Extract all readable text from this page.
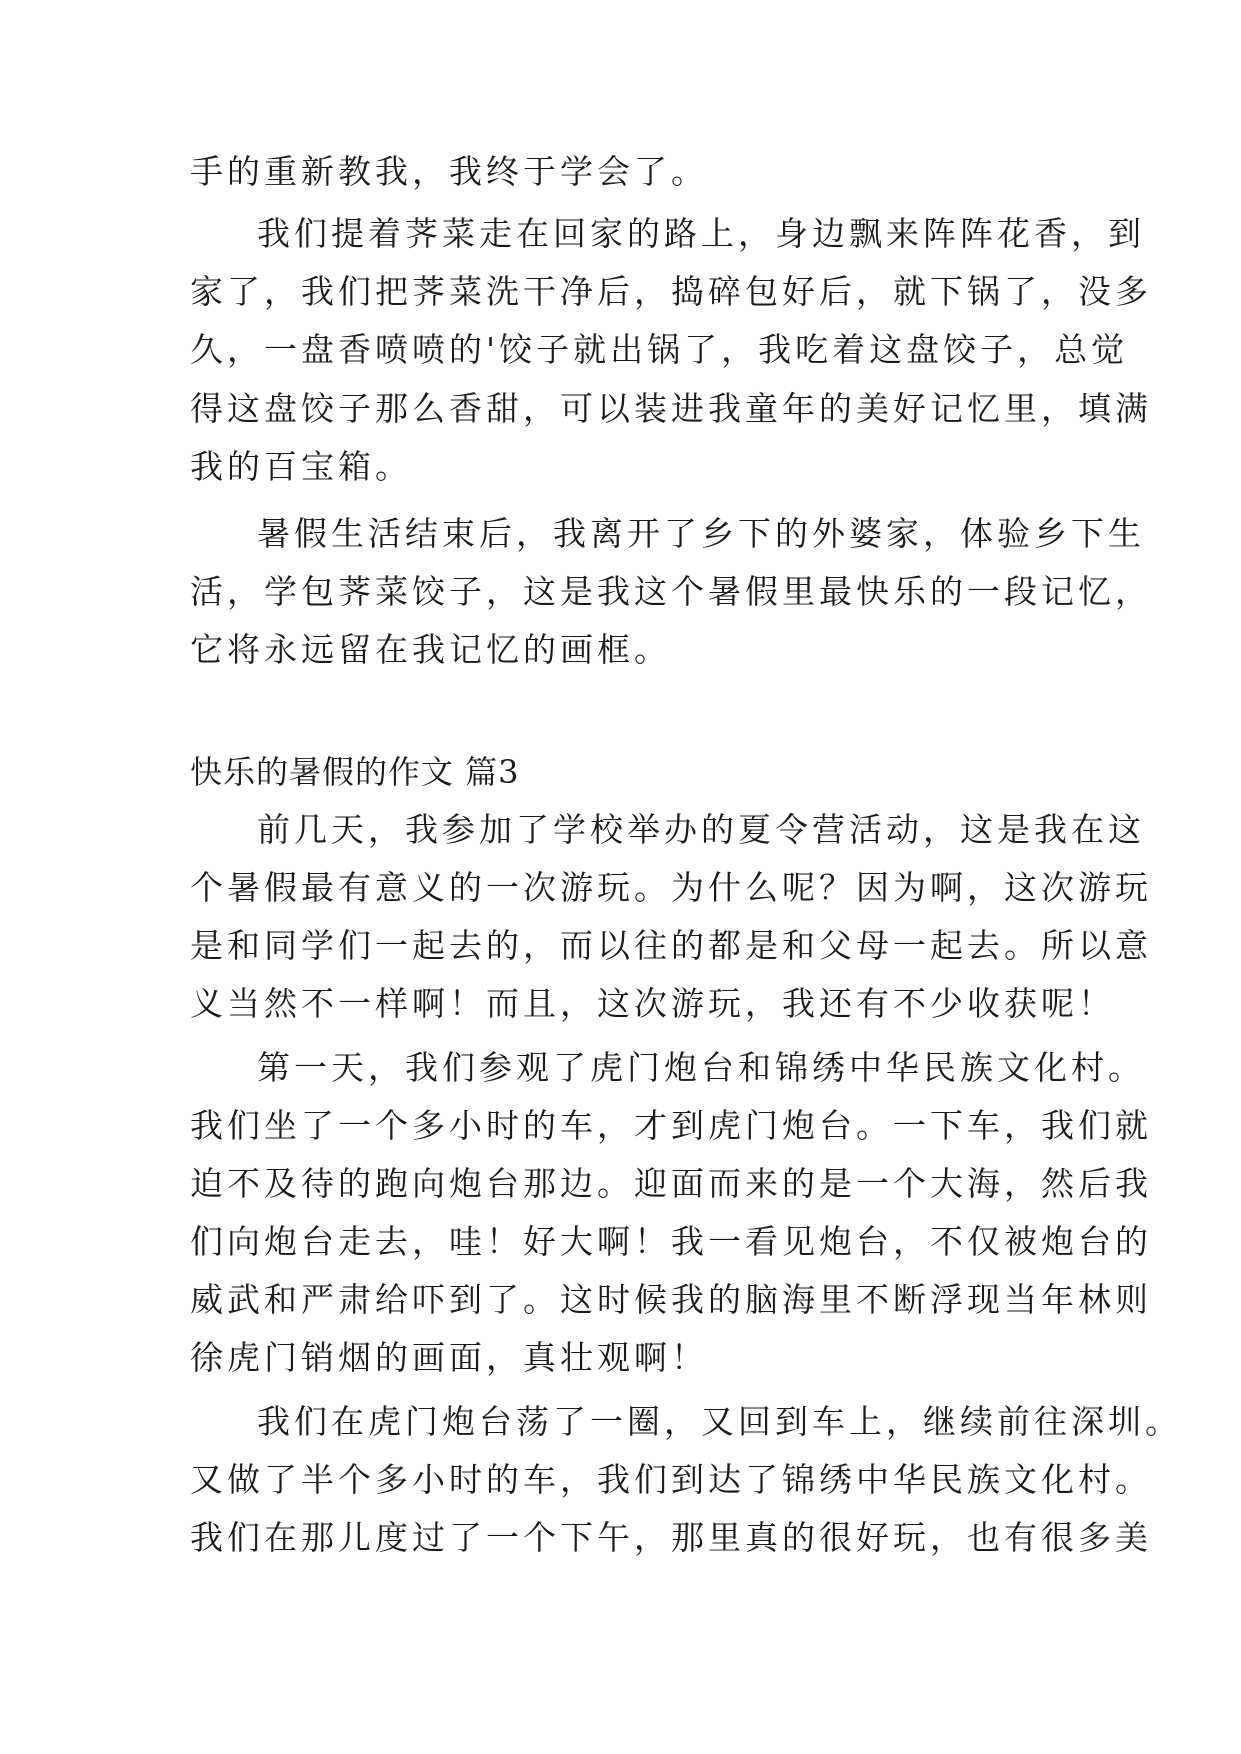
手的重新教我，我终于学会了。
我们提着荠菜走在回家的路上，身边飘来阵阵花香，到
家了，我们把荠菜洗干净后，捣碎包好后，就下锅了，没多
久，一盘香喷喷的'饺子就出锅了，我吃着这盘饺子，总觉
得这盘饺子那么香甜，可以装进我童年的美好记忆里，填满
我的百宝箱。
暑假生活结束后，我离开了乡下的外婆家，体验乡下生
活，学包荠菜饺子，这是我这个暑假里最快乐的一段记忆，
它将永远留在我记忆的画框。
快乐的暑假的作文 篇3
前几天，我参加了学校举办的夏令营活动，这是我在这
个暑假最有意义的一次游玩。为什么呢？因为啊，这次游玩
是和同学们一起去的，而以往的都是和父母一起去。所以意
义当然不一样啊！而且，这次游玩，我还有不少收获呢！
第一天，我们参观了虎门炮台和锦绣中华民族文化村。
我们坐了一个多小时的车，才到虎门炮台。一下车，我们就
迫不及待的跑向炮台那边。迎面而来的是一个大海，然后我
们向炮台走去，哇！好大啊！我一看见炮台，不仅被炮台的
威武和严肃给吓到了。这时候我的脑海里不断浮现当年林则
徐虎门销烟的画面，真壮观啊！
我们在虎门炮台荡了一圈，又回到车上，继续前往深圳。
又做了半个多小时的车，我们到达了锦绣中华民族文化村。
我们在那儿度过了一个下午，那里真的很好玩，也有很多美
